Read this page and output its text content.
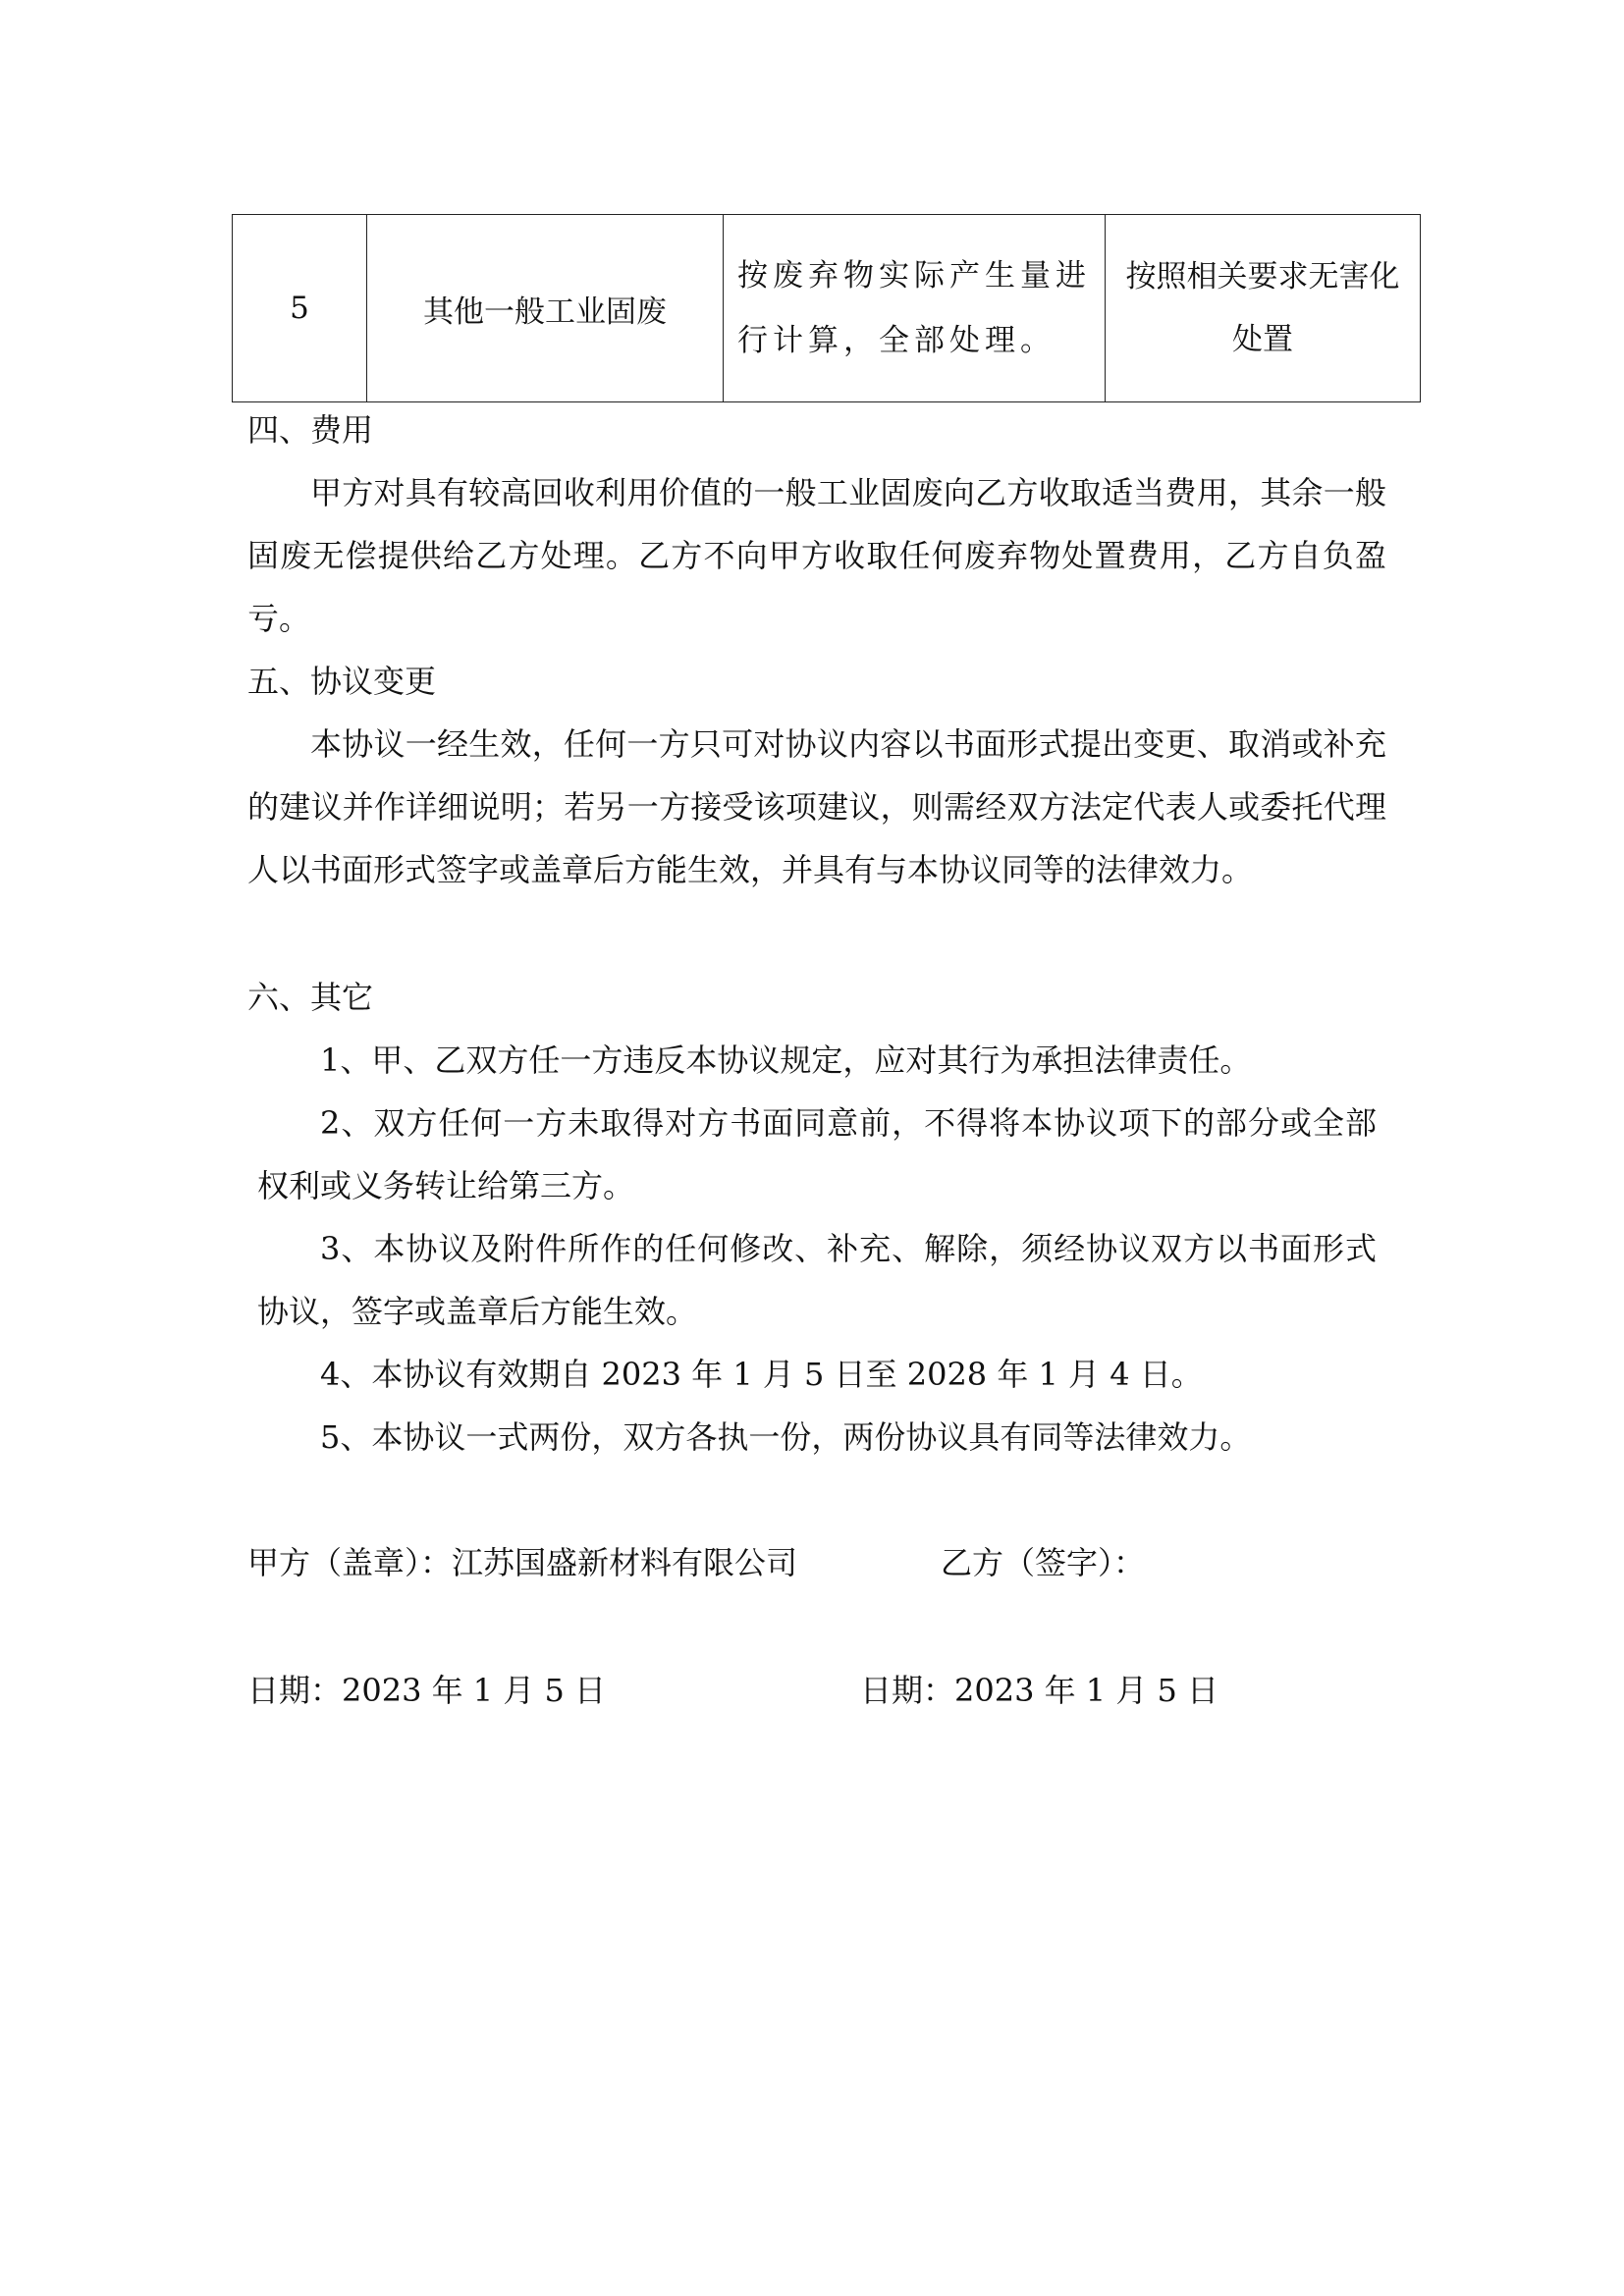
5	其他一般工业固废	按废弃物实际产生量进行计算，全部处理。	按照相关要求无害化处置

四、费用

甲方对具有较高回收利用价值的一般工业固废向乙方收取适当费用，其余一般固废无偿提供给乙方处理。乙方不向甲方收取任何废弃物处置费用，乙方自负盈亏。

五、协议变更

本协议一经生效，任何一方只可对协议内容以书面形式提出变更、取消或补充的建议并作详细说明；若另一方接受该项建议，则需经双方法定代表人或委托代理人以书面形式签字或盖章后方能生效，并具有与本协议同等的法律效力。

六、其它

1、甲、乙双方任一方违反本协议规定，应对其行为承担法律责任。

2、双方任何一方未取得对方书面同意前，不得将本协议项下的部分或全部权利或义务转让给第三方。

3、本协议及附件所作的任何修改、补充、解除，须经协议双方以书面形式协议，签字或盖章后方能生效。

4、本协议有效期自 2023 年 1 月 5 日至 2028 年 1 月 4 日。

5、本协议一式两份，双方各执一份，两份协议具有同等法律效力。

甲方（盖章）：江苏国盛新材料有限公司	乙方（签字）：
日期：2023 年 1 月 5 日	日期：2023 年 1 月 5 日
